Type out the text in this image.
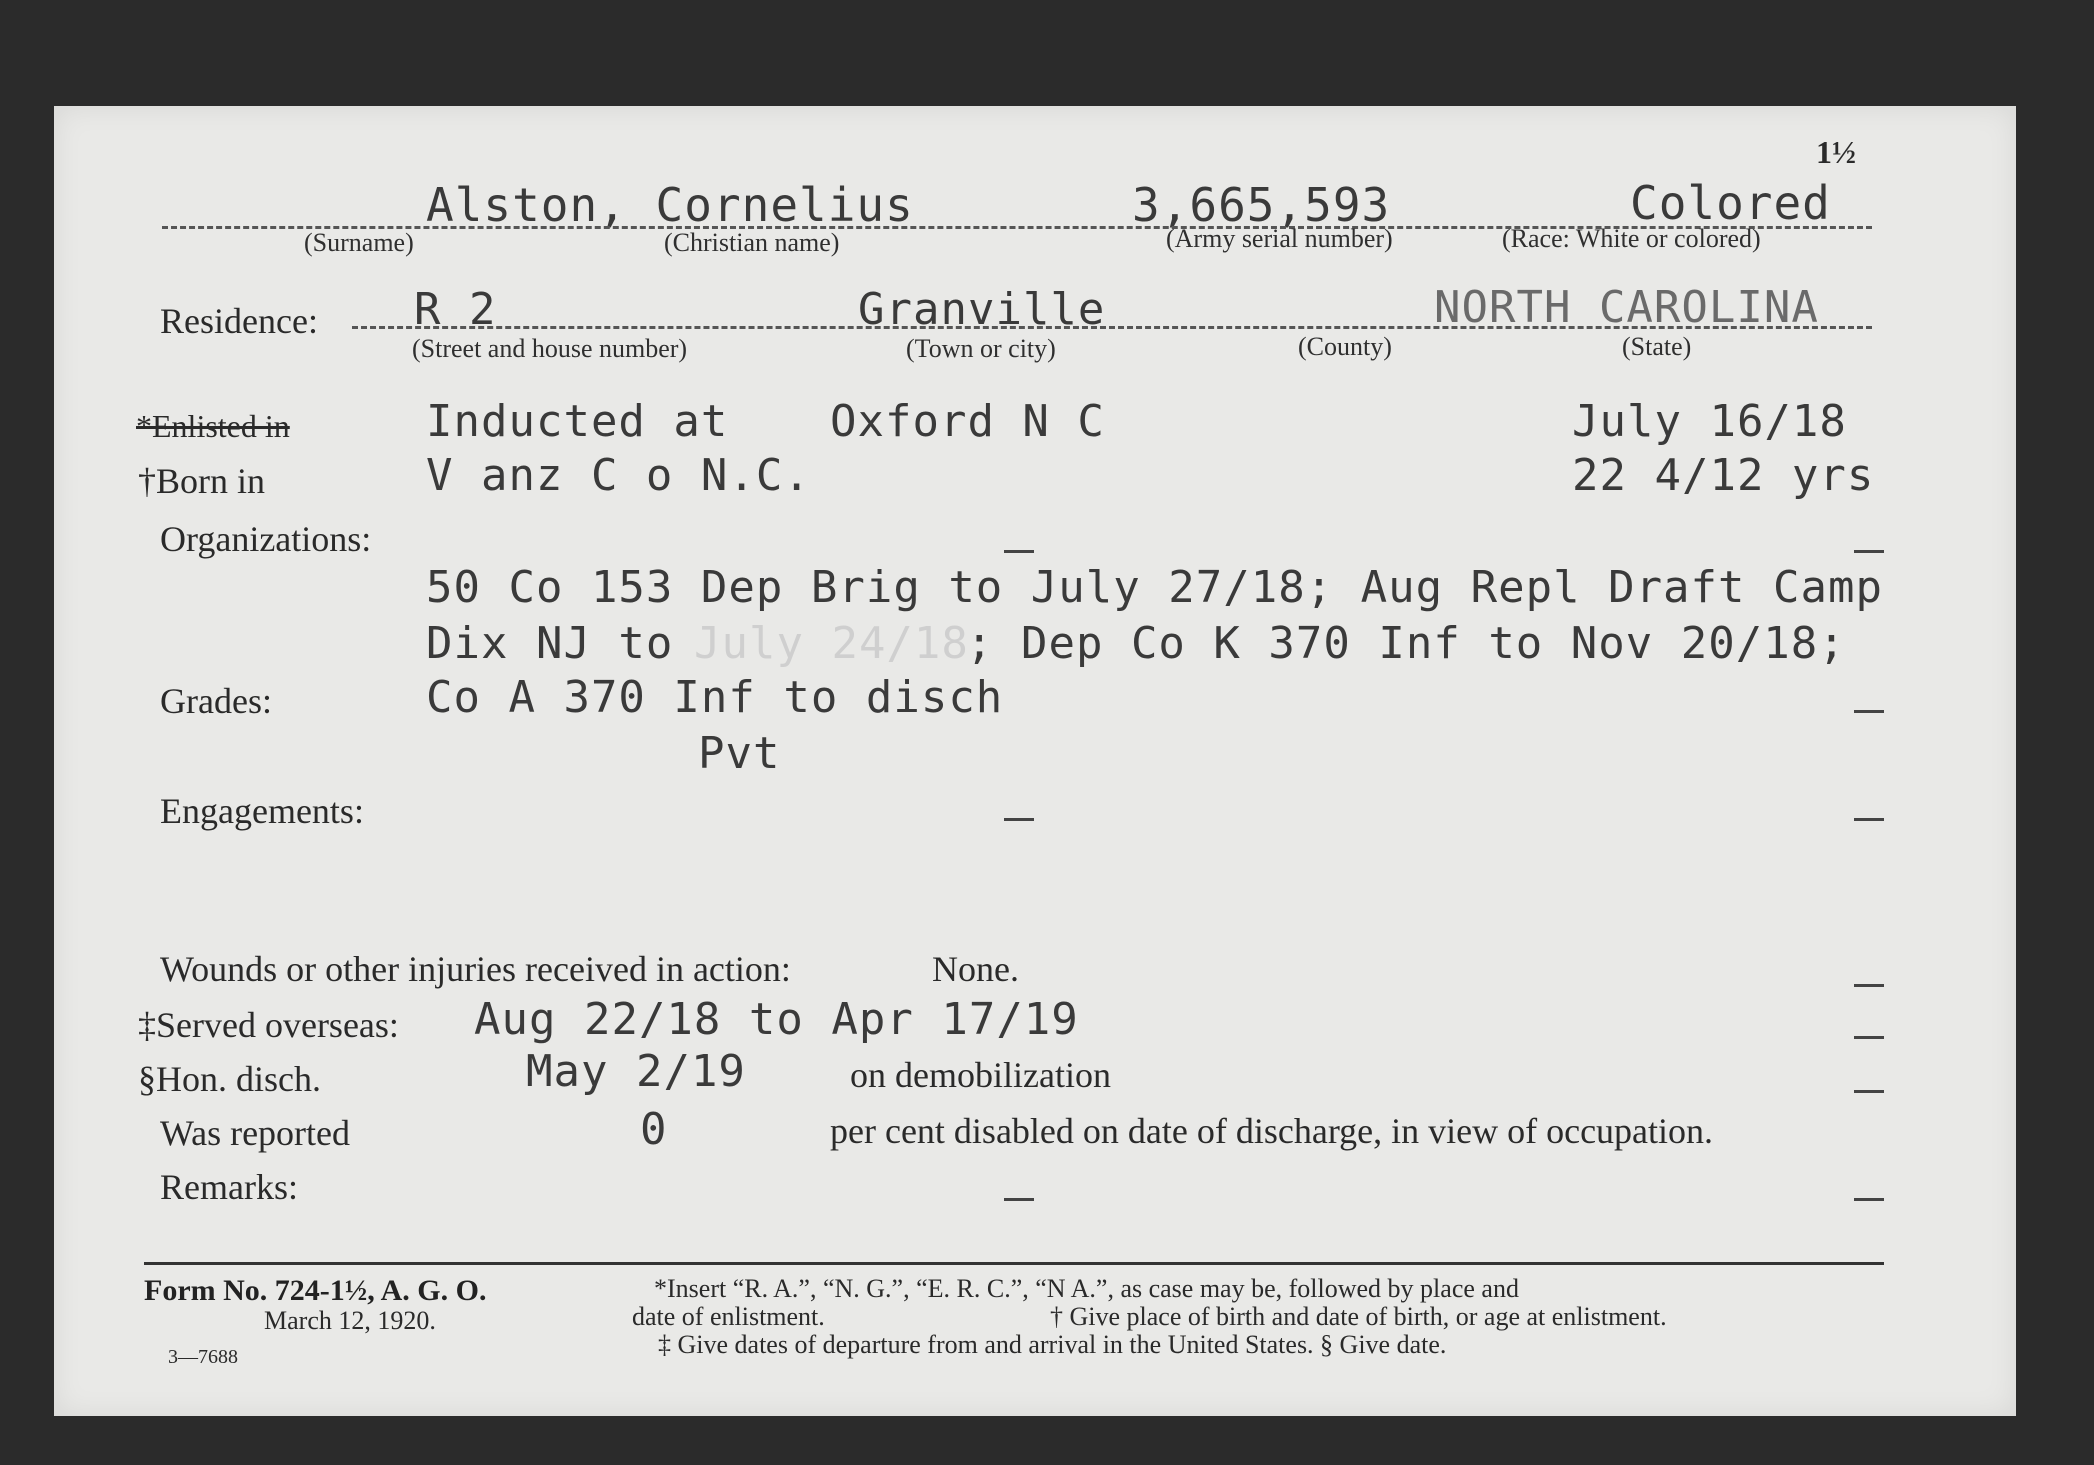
1½
Alston, Cornelius	3,665,593	Colored
(Surname)	(Christian name)	(Army serial number)	(Race: White or colored)
Residence: R 2	Granville	NORTH CAROLINA
(Street and house number)	(Town or city)	(County)	(State)
*Enlisted in	Inducted at Oxford N C	July 16/18
†Born in	V anz C o N.C.	22 4/12 yrs
Organizations:
50 Co 153 Dep Brig to July 27/18; Aug Repl Draft Camp
Dix NJ to July 24/18
; Dep Co K 370 Inf to Nov 20/18;
Co A 370 Inf to disch
Grades:
Pvt
Engagements:
Wounds or other injuries received in action:	None.
‡Served overseas: Aug 22/18 to Apr 17/19
§Hon. disch.	May 2/19	on demobilization
Was reported	0	per cent disabled on date of discharge, in view of occupation.
Remarks:
Form No. 724-1½, A. G. O.
March 12, 1920.
3—7688
*Insert “R. A.”, “N. G.”, “E. R. C.”, “N A.”, as case may be, followed by place and
date of enlistment.	† Give place of birth and date of birth, or age at enlistment.
‡ Give dates of departure from and arrival in the United States. § Give date.
